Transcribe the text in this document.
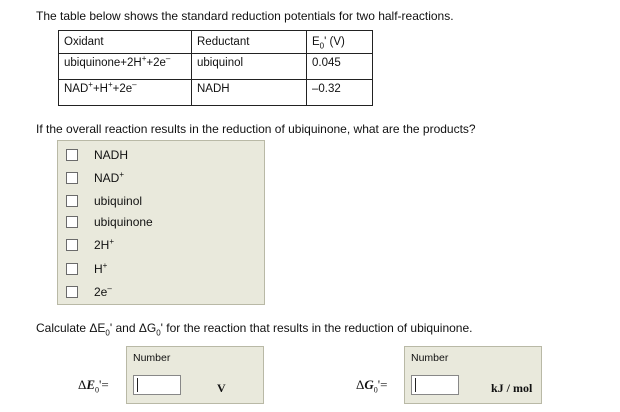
The table below shows the standard reduction potentials for two half-reactions.
Oxidant	Reductant	$E_0'$ (V)
ubiquinone+2H++2e–	ubiquinol	0.045
NAD++H++2e–	NADH	–0.32
If the overall reaction results in the reduction of ubiquinone, what are the products?
NADH
NAD+
ubiquinol
ubiquinone
2H+
H+
2e–
Calculate $\Delta E_0'$ and $\Delta G_0'$ for the reaction that results in the reduction of ubiquinone.
$\Delta E_0'=$
Number
V	$\Delta G_0'=$
Number
kJ / mol
